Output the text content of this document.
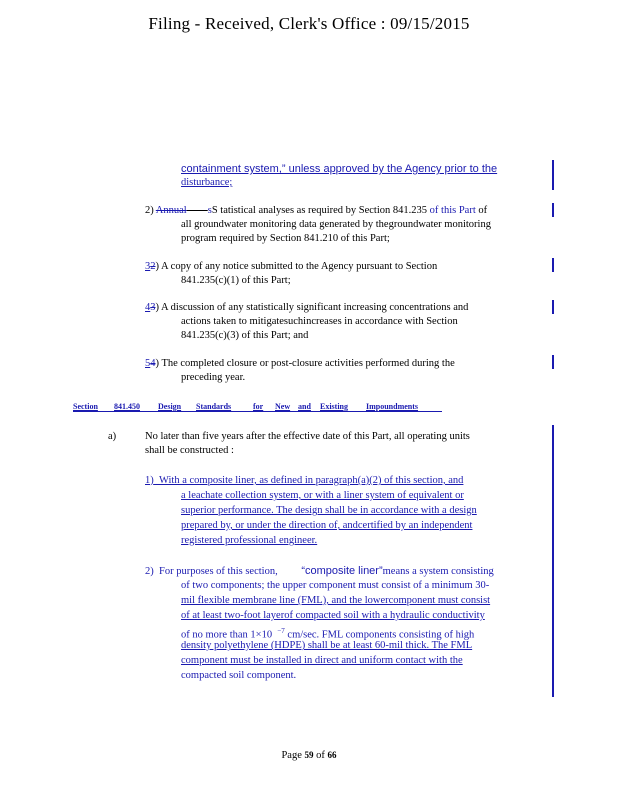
Filing - Received, Clerk's Office : 09/15/2015
containment system,” unless approved by the Agency prior to the
disturbance;
2) Annual​        sS tatistical analyses as required by Section 841.235 of this Part of
all groundwater monitoring data generated by thegroundwater monitoring
program required by Section 841.210 of this Part;
32) A copy of any notice submitted to the Agency pursuant to Section
841.235(c)(1) of this Part;
43) A discussion of any statistically significant increasing concentrations and
actions taken to mitigatesuchincreases in accordance with Section
841.235(c)(3) of this Part; and
54) The completed closure or post-closure activities performed during the
preceding year.
Section 841.450 Design Standards	for New and Existing Impoundments
a)	No later than five years after the effective date of this Part, all operating units
shall be constructed :
1) With a composite liner, as defined in paragraph(a)(2) of this section, and
a leachate collection system, or with a liner system of equivalent or
superior performance. The design shall be in accordance with a design
prepared by, or under the direction of, andcertified by an independent
registered professional engineer.
2) For purposes of this section, “composite liner”means a system consisting
of two components; the upper component must consist of a minimum 30-
mil flexible membrane line (FML), and the lowercomponent must consist
of at least two-foot layerof compacted soil with a hydraulic conductivity
of no more than 1×10 $^{-7}$ cm/sec. FML components consisting of high
density polyethylene (HDPE) shall be at least 60-mil thick. The FML
component must be installed in direct and uniform contact with the
compacted soil component.
Page 59 of 66
